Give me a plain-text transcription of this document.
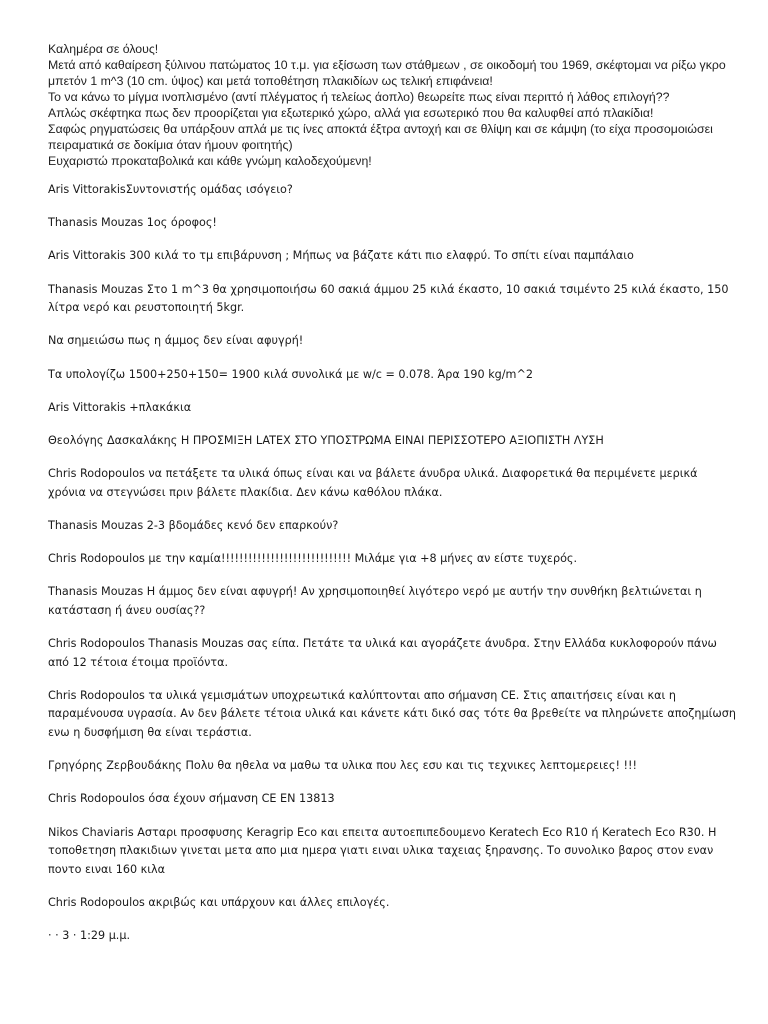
Καλημέρα σε όλους!
Μετά από καθαίρεση ξύλινου πατώματος 10 τ.μ. για εξίσωση των στάθμεων , σε οικοδομή του 1969, σκέφτομαι να ρίξω γκρο μπετόν 1 m^3 (10 cm. ύψος) και μετά τοποθέτηση πλακιδίων ως τελική επιφάνεια!
Το να κάνω το μίγμα ινοπλισμένο (αντί πλέγματος ή τελείως άοπλο) θεωρείτε πως είναι περιττό ή λάθος επιλογή??
Απλώς σκέφτηκα πως δεν προορίζεται για εξωτερικό χώρο, αλλά για εσωτερικό που θα καλυφθεί από πλακίδια!
Σαφώς ρηγματώσεις θα υπάρξουν απλά με τις ίνες αποκτά έξτρα αντοχή και σε θλίψη και σε κάμψη (το είχα προσομοιώσει πειραματικά σε δοκίμια όταν ήμουν φοιτητής)
Ευχαριστώ προκαταβολικά και κάθε γνώμη καλοδεχούμενη!

Aris VittorakisΣυντονιστής ομάδας ισόγειο?

Thanasis Mouzas 1ος όροφος!

Aris Vittorakis 300 κιλά το τμ επιβάρυνση ; Μήπως να βάζατε κάτι πιο ελαφρύ. Το σπίτι είναι παμπάλαιο

Thanasis Mouzas Στο 1 m^3 θα χρησιμοποιήσω 60 σακιά άμμου 25 κιλά έκαστο, 10 σακιά τσιμέντο 25 κιλά έκαστο, 150 λίτρα νερό και ρευστοποιητή 5kgr.

Να σημειώσω πως η άμμος δεν είναι αφυγρή!

Τα υπολογίζω 1500+250+150= 1900 κιλά συνολικά με w/c = 0.078. Άρα 190 kg/m^2

Aris Vittorakis +πλακάκια

Θεολόγης Δασκαλάκης Η ΠΡΟΣΜΙΞΗ LATEX ΣΤΟ ΥΠΟΣΤΡΩΜΑ ΕΙΝΑΙ ΠΕΡΙΣΣΟΤΕΡΟ ΑΞΙΟΠΙΣΤΗ ΛΥΣΗ

Chris Rodopoulos να πετάξετε τα υλικά όπως είναι και να βάλετε άνυδρα υλικά. Διαφορετικά θα περιμένετε μερικά χρόνια να στεγνώσει πριν βάλετε πλακίδια. Δεν κάνω καθόλου πλάκα.

Thanasis Mouzas 2-3 βδομάδες κενό δεν επαρκούν?

Chris Rodopoulos με την καμία!!!!!!!!!!!!!!!!!!!!!!!!!!!!! Μιλάμε για +8 μήνες αν είστε τυχερός.

Thanasis Mouzas Η άμμος δεν είναι αφυγρή! Αν χρησιμοποιηθεί λιγότερο νερό με αυτήν την συνθήκη βελτιώνεται η κατάσταση ή άνευ ουσίας??

Chris Rodopoulos Thanasis Mouzas σας είπα. Πετάτε τα υλικά και αγοράζετε άνυδρα. Στην Ελλάδα κυκλοφορούν πάνω από 12 τέτοια έτοιμα προϊόντα.

Chris Rodopoulos τα υλικά γεμισμάτων υποχρεωτικά καλύπτονται απο σήμανση CE. Στις απαιτήσεις είναι και η παραμένουσα υγρασία. Αν δεν βάλετε τέτοια υλικά και κάνετε κάτι δικό σας τότε θα βρεθείτε να πληρώνετε αποζημίωση ενω η δυσφήμιση θα είναι τεράστια.

Γρηγόρης Ζερβουδάκης Πολυ θα ηθελα να μαθω τα υλικα που λες εσυ και τις τεχνικες λεπτομερειες! !!!

Chris Rodopoulos όσα έχουν σήμανση CE EN 13813

Nikos Chaviaris Ασταρι προσφυσης Keragrip Eco και επειτα αυτοεπιπεδουμενο Keratech Eco R10 ή Keratech Eco R30. Η τοποθετηση πλακιδιων γινεται μετα απο μια ημερα γιατι ειναι υλικα ταχειας ξηρανσης. Το συνολικο βαρος στον εναν ποντο ειναι 160 κιλα

Chris Rodopoulos ακριβώς και υπάρχουν και άλλες επιλογές.

· · 3 · 1:29 μ.μ.
